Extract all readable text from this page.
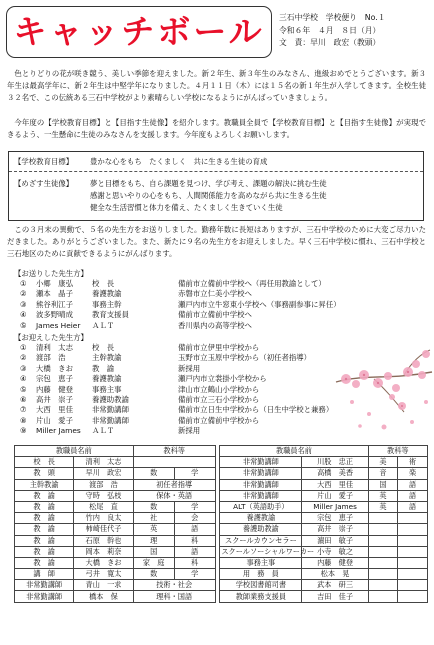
キャッチボール 三石中学校　学校便り　No.１
令和６年　４月　８日（月）
文　責：早川　政宏（教頭）

色とりどりの花が咲き競う、美しい季節を迎えました。新２年生、新３年生のみなさん、進級おめでとうございます。新３年生は最高学年に、新２年生は中堅学年になりました。４月１１日（木）には１５名の新１年生が入学してきます。全校生徒３２名で、この伝統ある三石中学校がより素晴らしい学校になるようにがんばっていきましょう。

今年度の【学校教育目標】と【目指す生徒像】を紹介します。教職員全員で【学校教育目標】と【目指す生徒像】が実現できるよう、一生懸命に生徒のみなさんを支援します。今年度もよろしくお願いします。

【学校教育目標】	豊かな心をもち　たくましく　共に生きる生徒の育成
【めざす生徒像】	夢と目標をもち、自ら課題を見つけ、学び考え、課題の解決に挑む生徒
感謝と思いやりの心をもち、人間関係能力を高めながら共に生きる生徒
健全な生活習慣と体力を備え、たくましく生きていく生徒

この３月末の異動で、５名の先生方をお送りしました。勤務年数に長短はありますが、三石中学校のために大変ご尽力いただきました。ありがとうございました。また、新たに９名の先生方をお迎えしました。早く三石中学校に慣れ、三石中学校と三石地区のために貢献できるようにがんばります。

【お送りした先生方】
①	小郷　康弘	校　長	備前市立備前中学校へ（再任用教諭として）
②	瀬本　晶子	養護教諭	赤磐市立仁美小学校へ
③	熊谷利江子	事務主幹	瀬戸内市立牛窓東小学校へ（事務副参事に昇任）
④	波多野晴成	教育支援員	備前市立備前中学校へ
⑤	James Heier	ＡＬＴ	香川県内の高等学校へ
【お迎えした先生方】
①	清利　太志	校　長	備前市立伊里中学校から
②	渡部　浩	主幹教諭	玉野市立玉原中学校から（初任者指導）
③	大橋　きお	教　諭	新採用
④	宗包　恵子	養護教諭	瀬戸内市立裳掛小学校から
⑤	内藤　健登	事務主事	津山市立鶴山小学校から
⑥	高井　崇子	養護助教諭	備前市立三石小学校から
⑦	大西　里佳	非常勤講師	備前市立日生中学校から（日生中学校と兼務）
⑧	片山　愛子	非常勤講師	備前市立備前中学校から
⑨	Miller James	ＡＬＴ	新採用
教職員名前		教科等			教職員名前		教科等	
校　長	清利　太志				非常勤講師	川股　忠正	美	術
教　頭	早川　政宏	数	学		非常勤講師	高橋　美香	音	楽
主幹教諭	渡部　浩	初任者指導			非常勤講師	大西　里佳	国	語
教　諭	守時　弘枝	保体・英語			非常勤講師	片山　愛子	英	語
教　諭	松尾　直	数	学		ALT（英語助手）	Miller James	英	語
教　諭	竹内　良太	社	会		養護教諭	宗包　恵子		
教　諭	柿崎佳代子	英	語		養護助教諭	高井　崇子		
教　諭	石原　幹也	理	科		スクールカウンセラー	濵田　敏子		
教　諭	岡本　莉奈	国	語		スクールソーシャルワーカー	小寺　敏之		
教　諭	大橋　きお	家　庭	科		事務主事	内藤　健登		
講　師	弓井　寛太	数	学		用　務　員	松本　晃		
非常勤講師	青山　一求	技術・社会			学校図書館司書	武本　研三		
非常勤講師	橋本　保	理科・国語			教師業務支援員	吉田　佳子		
